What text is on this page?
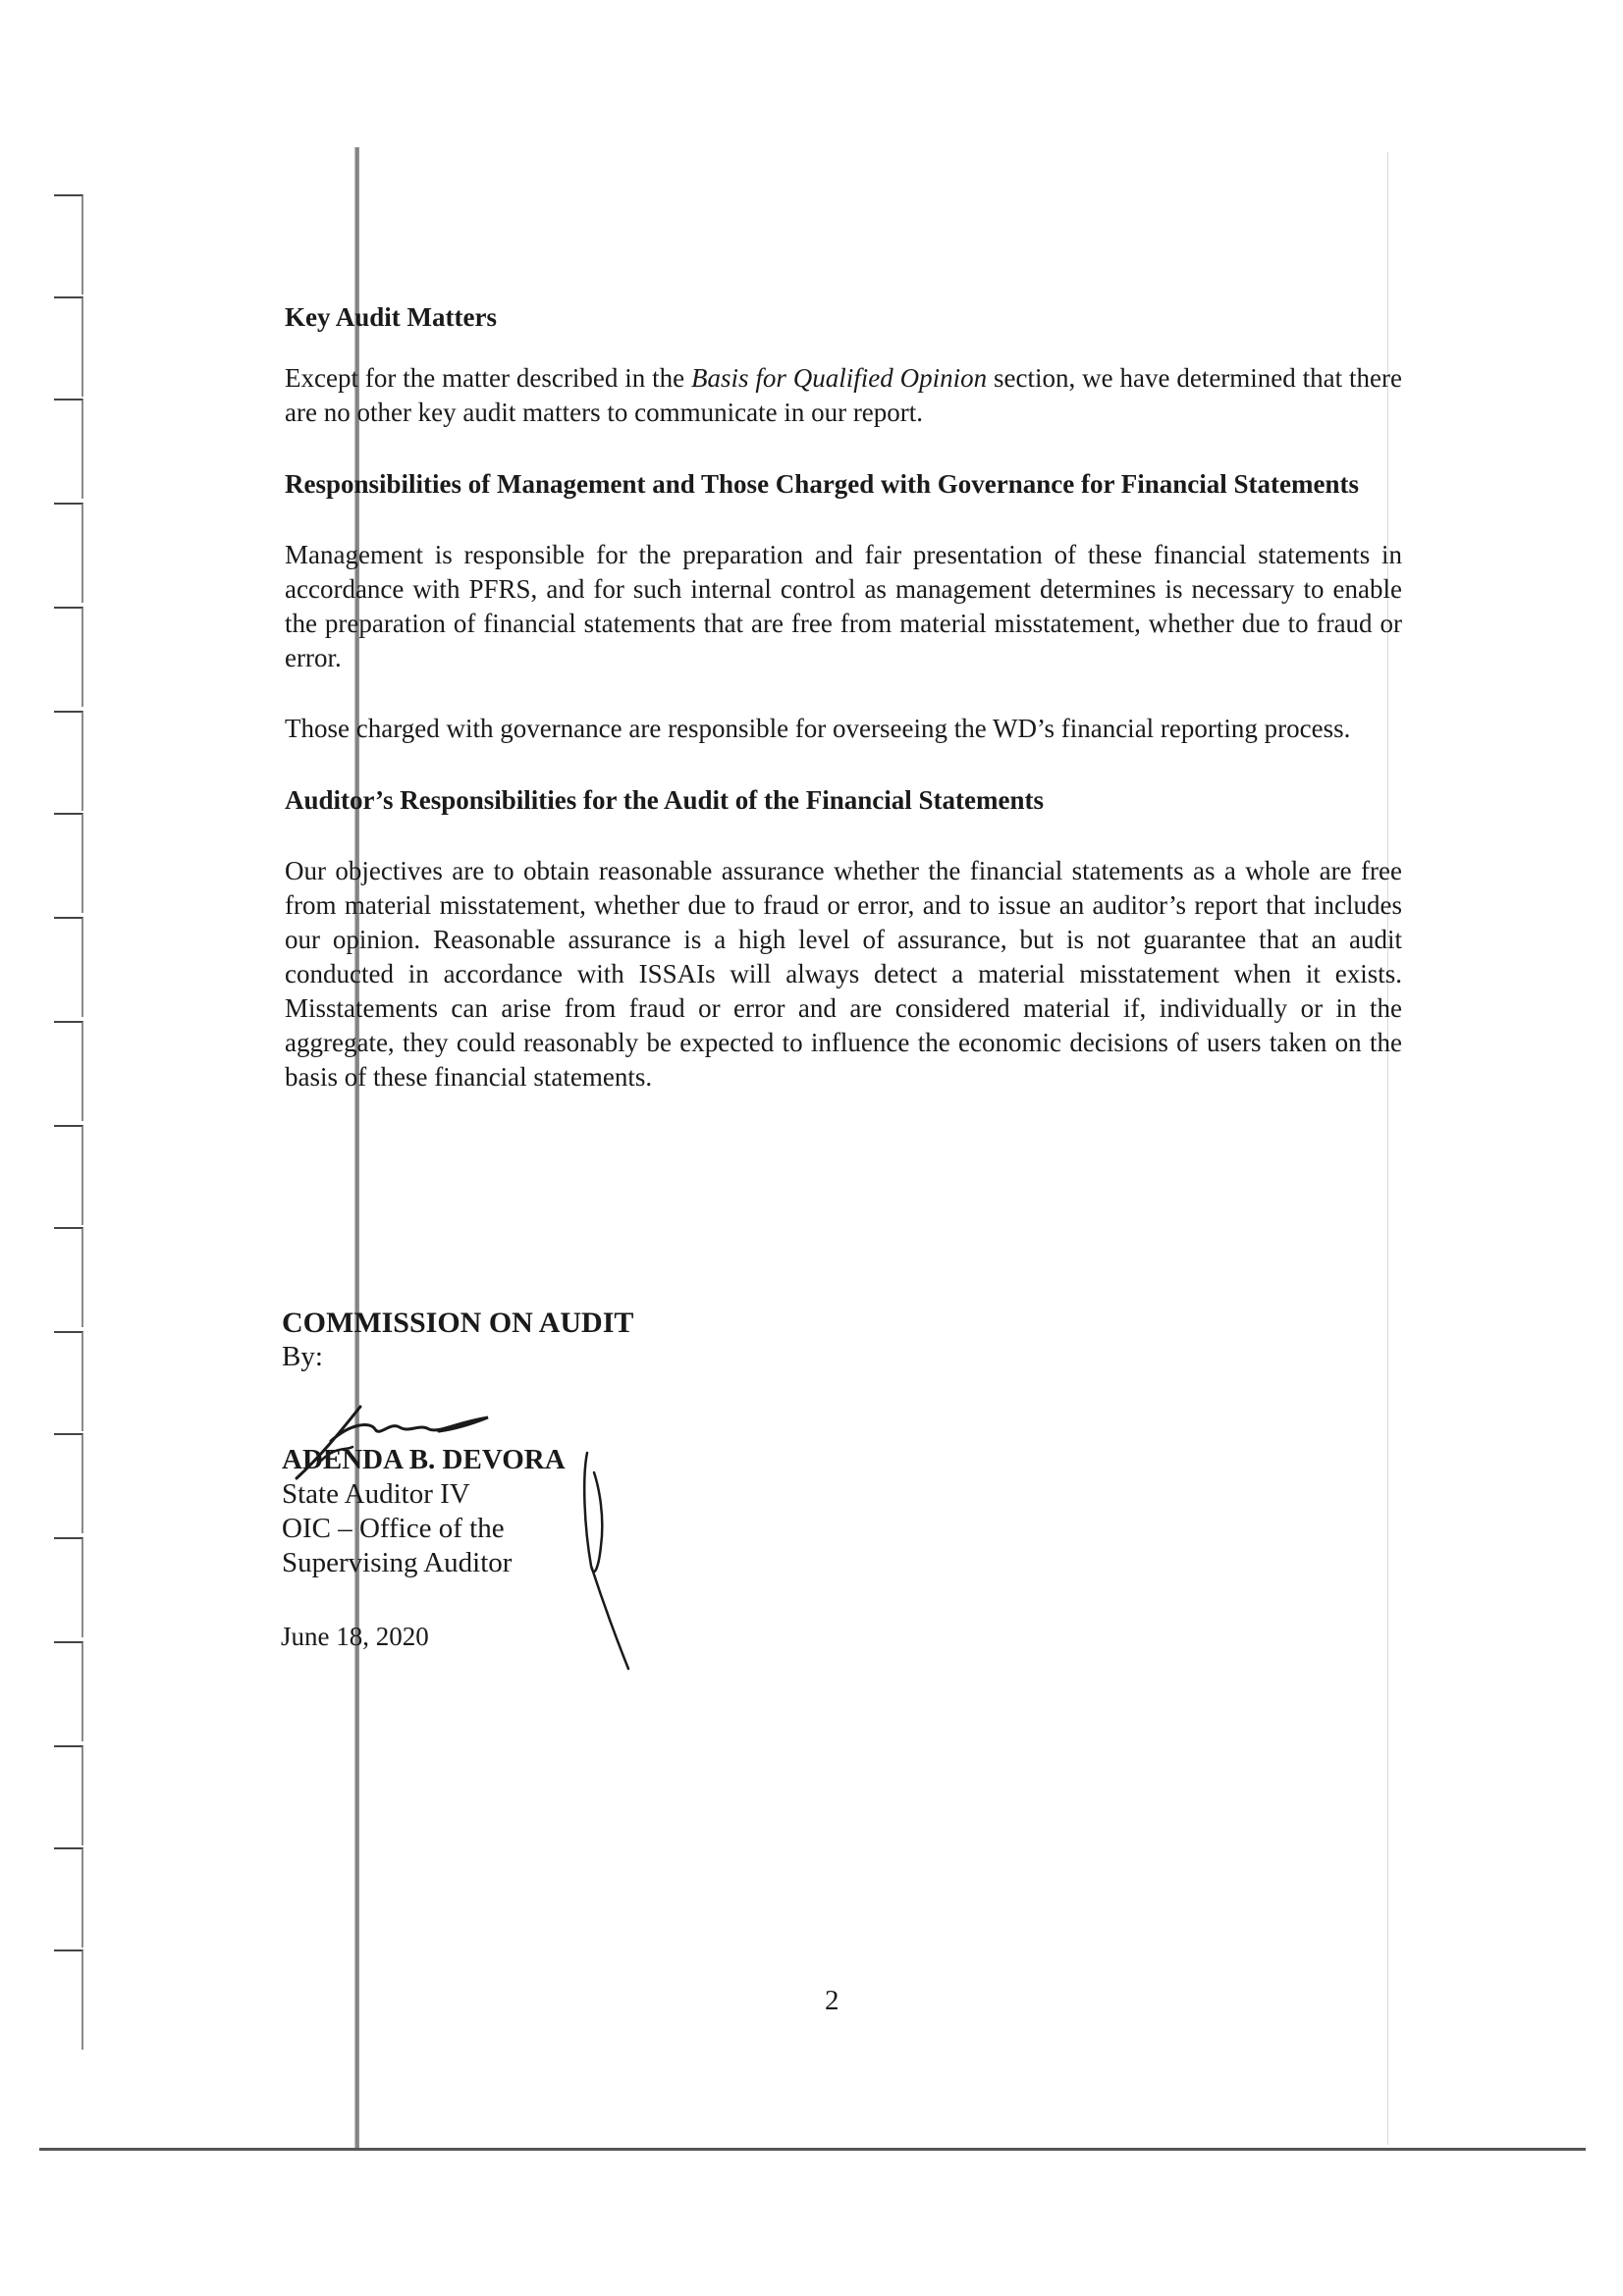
Key Audit Matters

Except for the matter described in the Basis for Qualified Opinion section, we have determined that there are no other key audit matters to communicate in our report.

Responsibilities of Management and Those Charged with Governance for Financial Statements

Management is responsible for the preparation and fair presentation of these financial statements in accordance with PFRS, and for such internal control as management determines is necessary to enable the preparation of financial statements that are free from material misstatement, whether due to fraud or error.

Those charged with governance are responsible for overseeing the WD’s financial reporting process.

Auditor’s Responsibilities for the Audit of the Financial Statements

Our objectives are to obtain reasonable assurance whether the financial statements as a whole are free from material misstatement, whether due to fraud or error, and to issue an auditor’s report that includes our opinion. Reasonable assurance is a high level of assurance, but is not guarantee that an audit conducted in accordance with ISSAIs will always detect a material misstatement when it exists. Misstatements can arise from fraud or error and are considered material if, individually or in the aggregate, they could reasonably be expected to influence the economic decisions of users taken on the basis of these financial statements.

COMMISSION ON AUDIT
By:
ADENDA B. DEVORA
State Auditor IV
OIC – Office of the
Supervising Auditor
June 18, 2020
2
